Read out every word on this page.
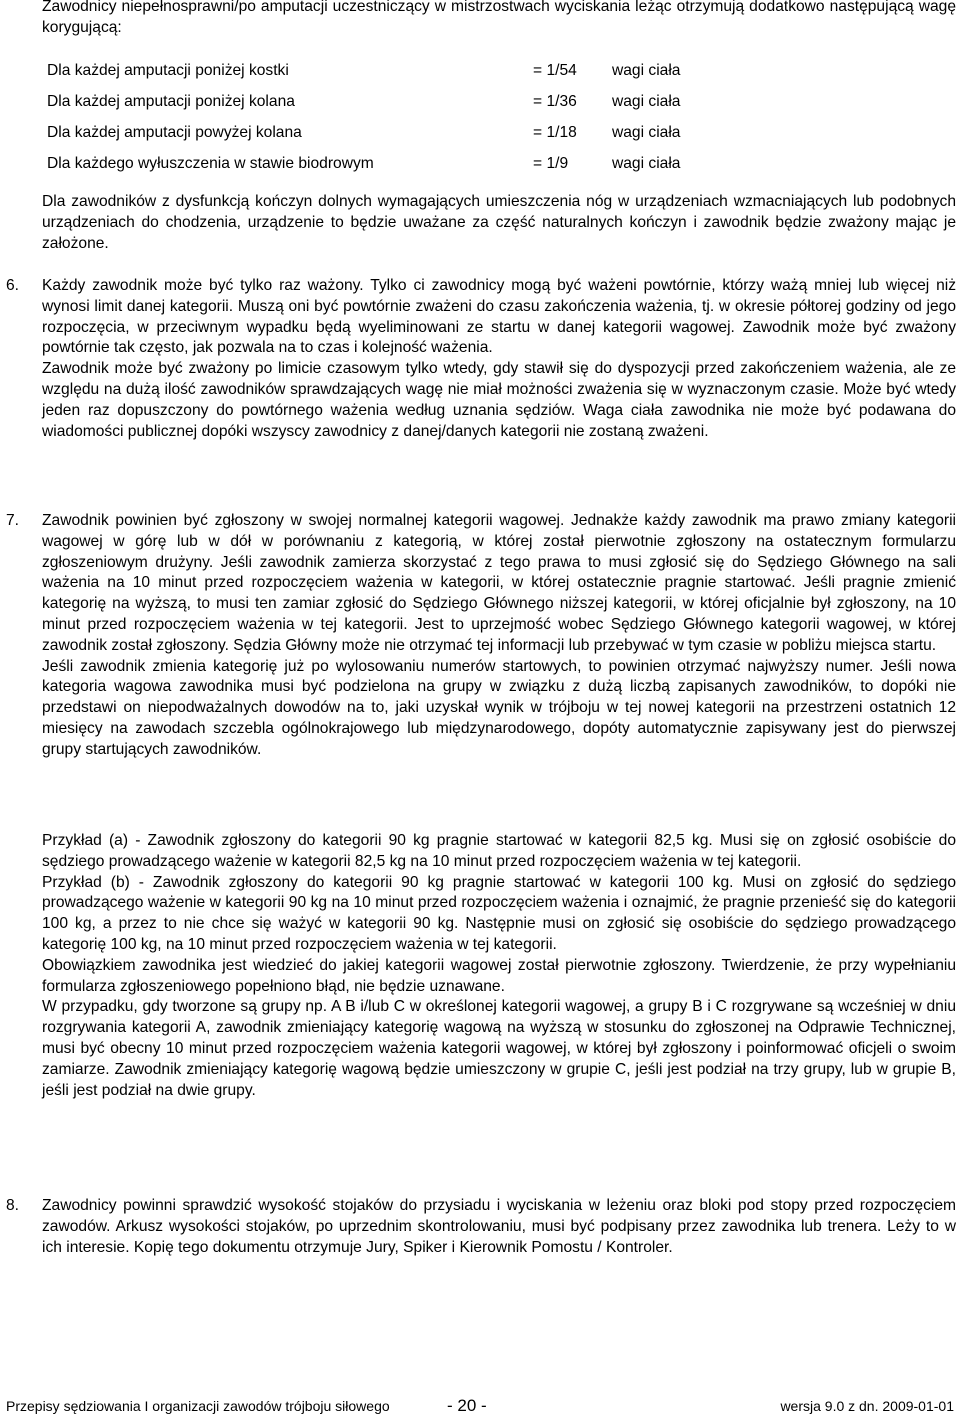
Zawodnicy niepełnosprawni/po amputacji uczestniczący w mistrzostwach wyciskania leżąc otrzymują dodatkowo następującą wagę korygującą:

Dla każdej amputacji poniżej kostki	= 1/54 wagi ciała
Dla każdej amputacji poniżej kolana	= 1/36 wagi ciała
Dla każdej amputacji powyżej kolana	= 1/18 wagi ciała
Dla każdego wyłuszczenia w stawie biodrowym	= 1/9	wagi ciała

Dla zawodników z dysfunkcją kończyn dolnych wymagających umieszczenia nóg w urządzeniach wzmacniających lub podobnych urządzeniach do chodzenia, urządzenie to będzie uważane za część naturalnych kończyn i zawodnik będzie zważony mając je założone.

6. Każdy zawodnik może być tylko raz ważony. Tylko ci zawodnicy mogą być ważeni powtórnie, którzy ważą mniej lub więcej niż wynosi limit danej kategorii. Muszą oni być powtórnie zważeni do czasu zakończenia ważenia, tj. w okresie półtorej godziny od jego rozpoczęcia, w przeciwnym wypadku będą wyeliminowani ze startu w danej kategorii wagowej. Zawodnik może być zważony powtórnie tak często, jak pozwala na to czas i kolejność ważenia.

Zawodnik może być zważony po limicie czasowym tylko wtedy, gdy stawił się do dyspozycji przed zakończeniem ważenia, ale ze względu na dużą ilość zawodników sprawdzających wagę nie miał możności zważenia się w wyznaczonym czasie. Może być wtedy jeden raz dopuszczony do powtórnego ważenia według uznania sędziów. Waga ciała zawodnika nie może być podawana do wiadomości publicznej dopóki wszyscy zawodnicy z danej/danych kategorii nie zostaną zważeni.

7. Zawodnik powinien być zgłoszony w swojej normalnej kategorii wagowej. Jednakże każdy zawodnik ma prawo zmiany kategorii wagowej w górę lub w dół w porównaniu z kategorią, w której został pierwotnie zgłoszony na ostatecznym formularzu zgłoszeniowym drużyny. Jeśli zawodnik zamierza skorzystać z tego prawa to musi zgłosić się do Sędziego Głównego na sali ważenia na 10 minut przed rozpoczęciem ważenia w kategorii, w której ostatecznie pragnie startować. Jeśli pragnie zmienić kategorię na wyższą, to musi ten zamiar zgłosić do Sędziego Głównego niższej kategorii, w której oficjalnie był zgłoszony, na 10 minut przed rozpoczęciem ważenia w tej kategorii. Jest to uprzejmość wobec Sędziego Głównego kategorii wagowej, w której zawodnik został zgłoszony. Sędzia Główny może nie otrzymać tej informacji lub przebywać w tym czasie w pobliżu miejsca startu.

Jeśli zawodnik zmienia kategorię już po wylosowaniu numerów startowych, to powinien otrzymać najwyższy numer. Jeśli nowa kategoria wagowa zawodnika musi być podzielona na grupy w związku z dużą liczbą zapisanych zawodników, to dopóki nie przedstawi on niepodważalnych dowodów na to, jaki uzyskał wynik w trójboju w tej nowej kategorii na przestrzeni ostatnich 12 miesięcy na zawodach szczebla ogólnokrajowego lub międzynarodowego, dopóty automatycznie zapisywany jest do pierwszej grupy startujących zawodników.

Przykład (a) - Zawodnik zgłoszony do kategorii 90 kg pragnie startować w kategorii 82,5 kg. Musi się on zgłosić osobiście do sędziego prowadzącego ważenie w kategorii 82,5 kg na 10 minut przed rozpoczęciem ważenia w tej kategorii.

Przykład (b) - Zawodnik zgłoszony do kategorii 90 kg pragnie startować w kategorii 100 kg. Musi on zgłosić do sędziego prowadzącego ważenie w kategorii 90 kg na 10 minut przed rozpoczęciem ważenia i oznajmić, że pragnie przenieść się do kategorii 100 kg, a przez to nie chce się ważyć w kategorii 90 kg. Następnie musi on zgłosić się osobiście do sędziego prowadzącego kategorię 100 kg, na 10 minut przed rozpoczęciem ważenia w tej kategorii.

Obowiązkiem zawodnika jest wiedzieć do jakiej kategorii wagowej został pierwotnie zgłoszony. Twierdzenie, że przy wypełnianiu formularza zgłoszeniowego popełniono błąd, nie będzie uznawane.

W przypadku, gdy tworzone są grupy np. A B i/lub C w określonej kategorii wagowej, a grupy B i C rozgrywane są wcześniej w dniu rozgrywania kategorii A, zawodnik zmieniający kategorię wagową na wyższą w stosunku do zgłoszonej na Odprawie Technicznej, musi być obecny 10 minut przed rozpoczęciem ważenia kategorii wagowej, w której był zgłoszony i poinformować oficjeli o swoim zamiarze. Zawodnik zmieniający kategorię wagową będzie umieszczony w grupie C, jeśli jest podział na trzy grupy, lub w grupie B, jeśli jest podział na dwie grupy.

8. Zawodnicy powinni sprawdzić wysokość stojaków do przysiadu i wyciskania w leżeniu oraz bloki pod stopy przed rozpoczęciem zawodów. Arkusz wysokości stojaków, po uprzednim skontrolowaniu, musi być podpisany przez zawodnika lub trenera. Leży to w ich interesie. Kopię tego dokumentu otrzymuje Jury, Spiker i Kierownik Pomostu / Kontroler.

Przepisy sędziowania I organizacji zawodów trójboju siłowego	- 20 -	wersja 9.0 z dn. 2009-01-01
